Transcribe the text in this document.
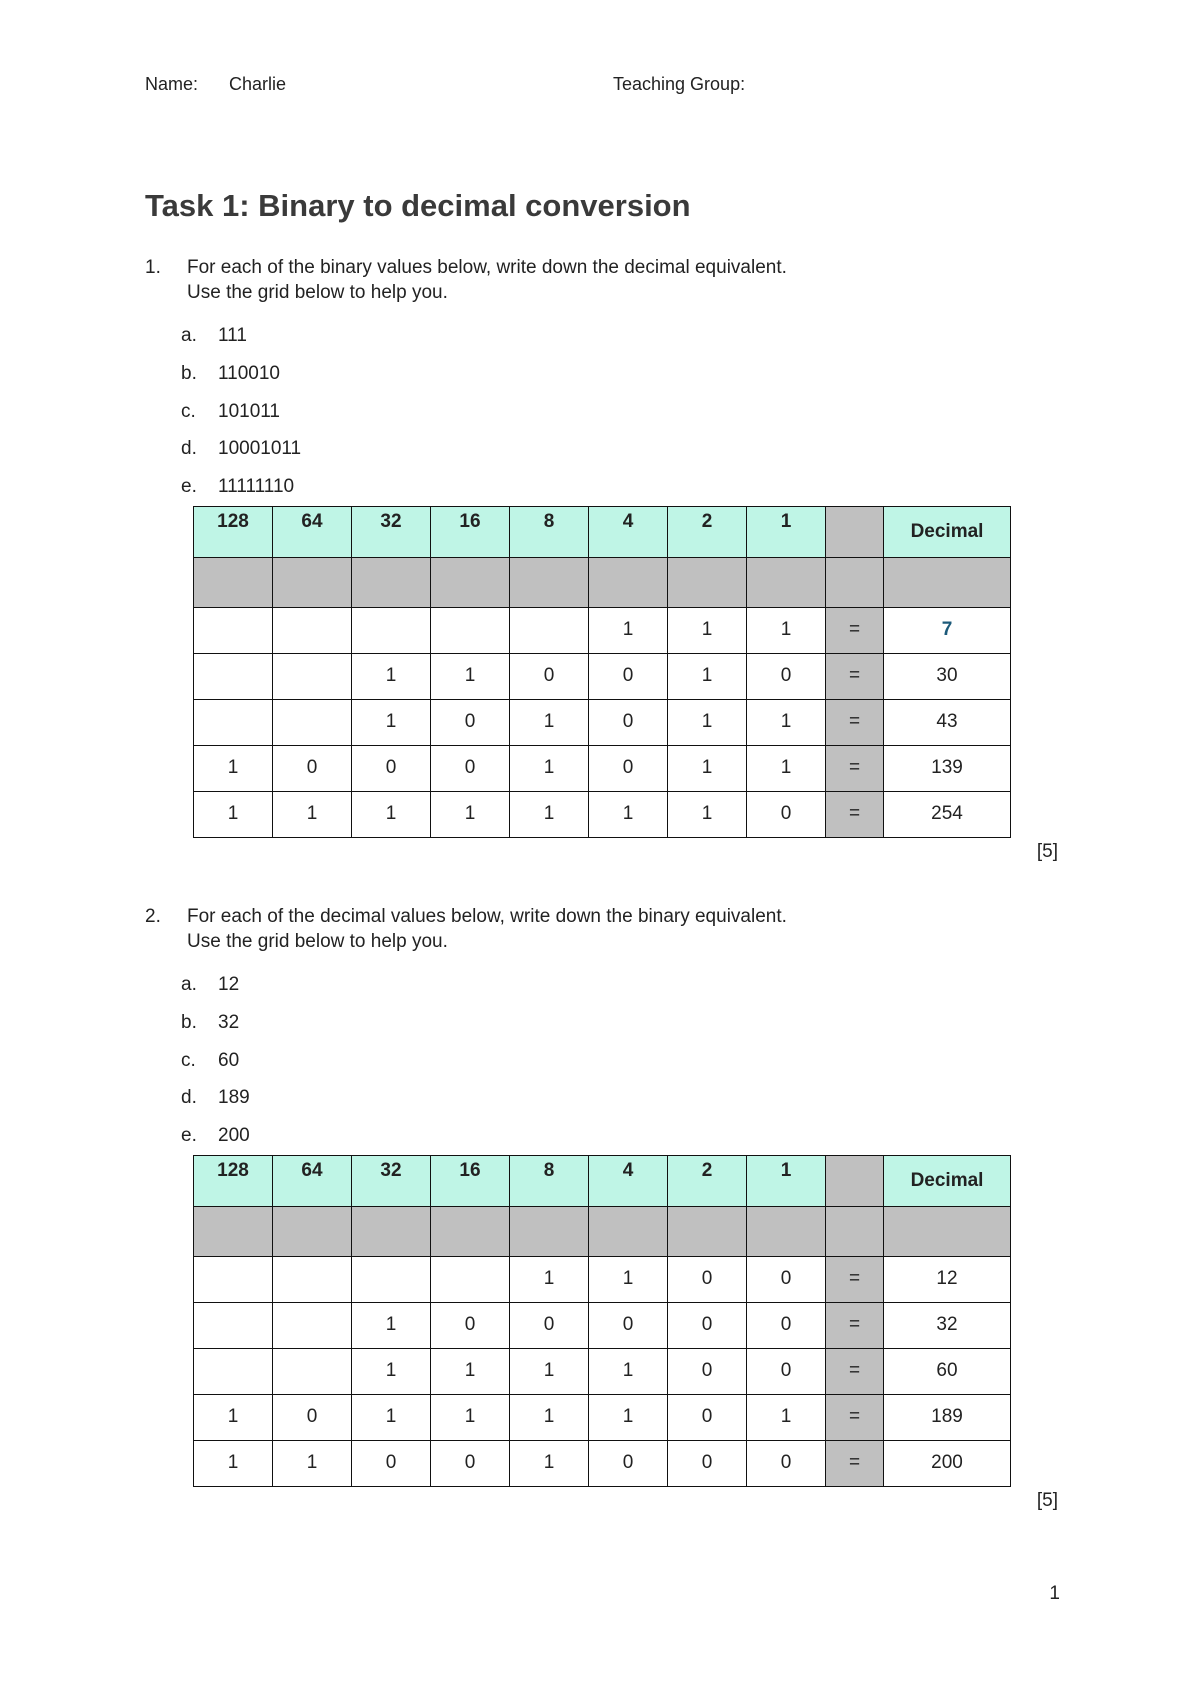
Name: Charlie	Teaching Group:
Task 1: Binary to decimal conversion
1. For each of the binary values below, write down the decimal equivalent.
Use the grid below to help you.
a. 111
b. 110010
c. 101011
d. 10001011
e. 11111110
128	64	32	16	8	4	2	1		Decimal

					1	1	1	=	7
		1	1	0	0	1	0	=	30
		1	0	1	0	1	1	=	43
1	0	0	0	1	0	1	1	=	139
1	1	1	1	1	1	1	0	=	254
[5]
2. For each of the decimal values below, write down the binary equivalent.
Use the grid below to help you.
a. 12
b. 32
c. 60
d. 189
e. 200
128	64	32	16	8	4	2	1		Decimal

				1	1	0	0	=	12
		1	0	0	0	0	0	=	32
		1	1	1	1	0	0	=	60
1	0	1	1	1	1	0	1	=	189
1	1	0	0	1	0	0	0	=	200
[5]
1
